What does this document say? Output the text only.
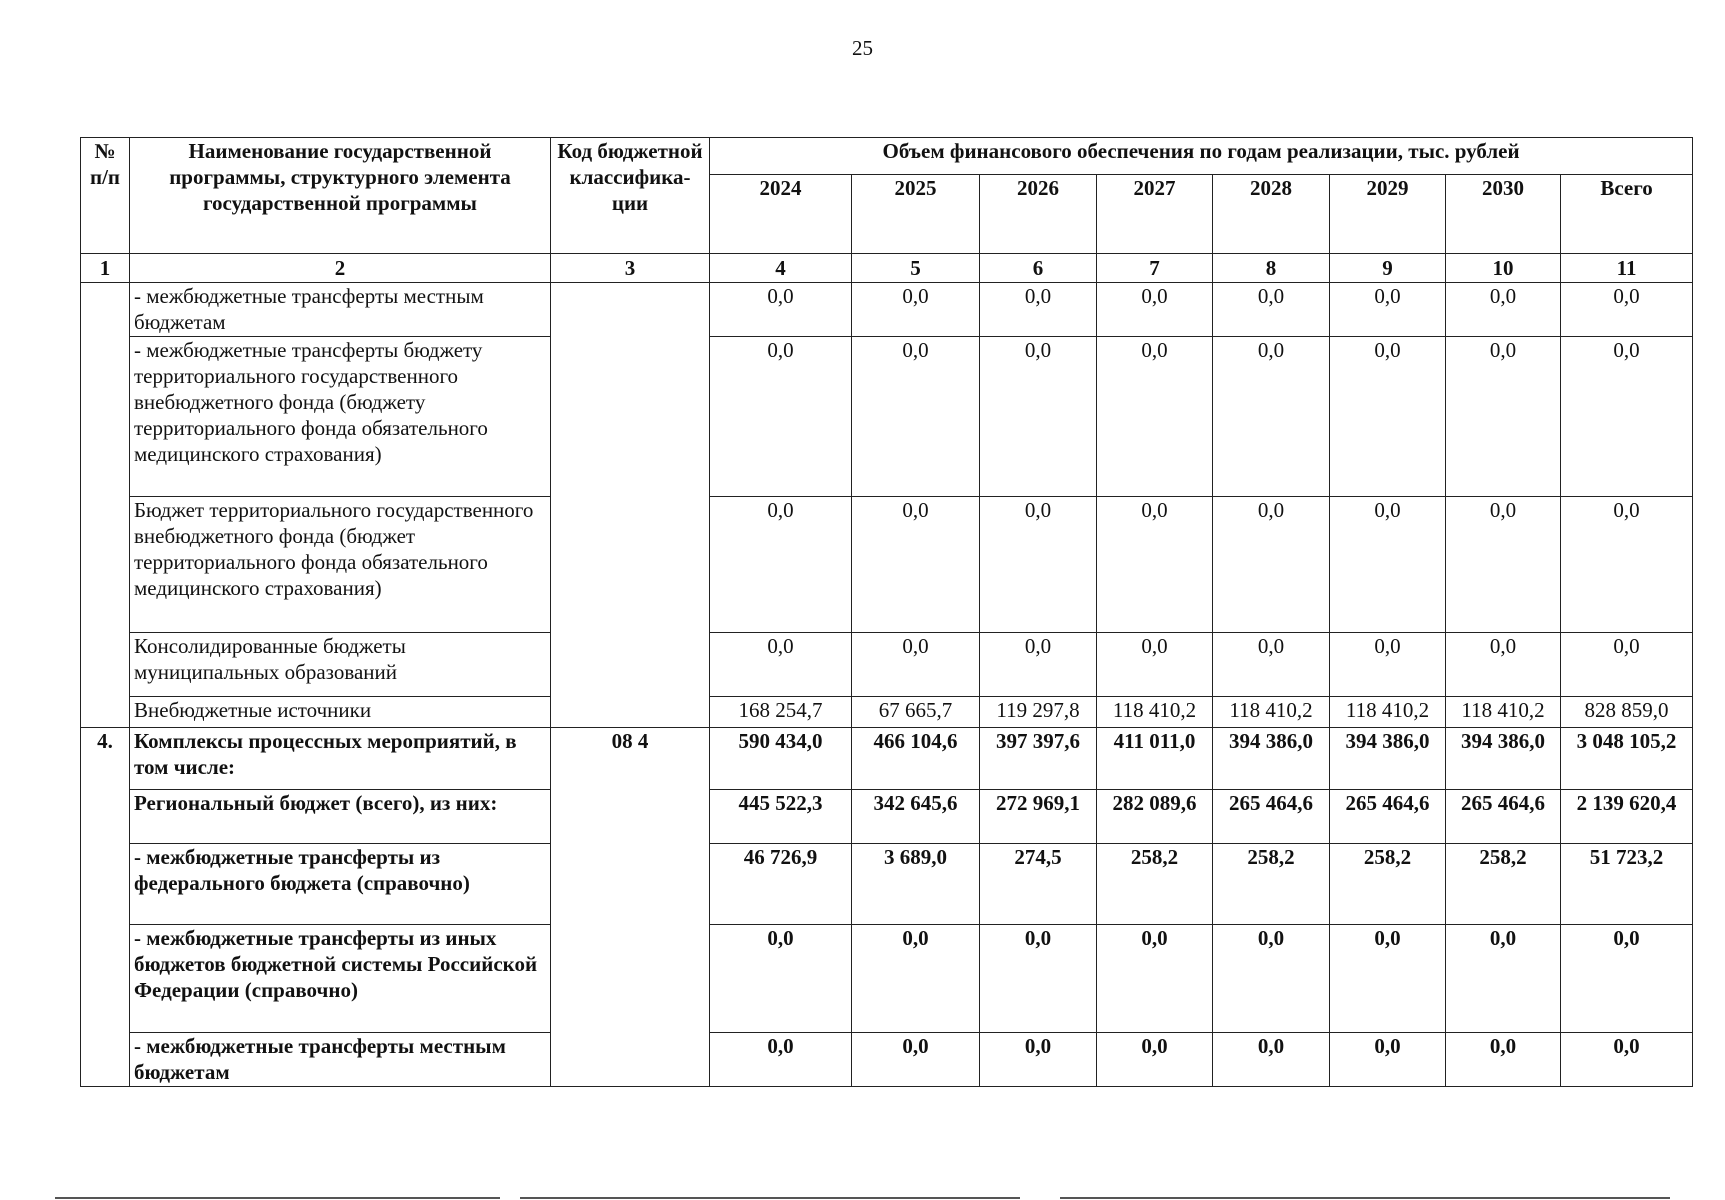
25
№ п/п	Наименование государственной программы, структурного элемента государственной программы	Код бюджетной классифика-ции	Объем финансового обеспечения по годам реализации, тыс. рублей							
			2024	2025	2026	2027	2028	2029	2030	Всего
1	2	3	4	5	6	7	8	9	10	11
	- межбюджетные трансферты местным бюджетам		0,0	0,0	0,0	0,0	0,0	0,0	0,0	0,0
	- межбюджетные трансферты бюджету территориального государственного внебюджетного фонда (бюджету территориального фонда обязательного медицинского страхования)		0,0	0,0	0,0	0,0	0,0	0,0	0,0	0,0
	Бюджет территориального государственного внебюджетного фонда (бюджет территориального фонда обязательного медицинского страхования)		0,0	0,0	0,0	0,0	0,0	0,0	0,0	0,0
	Консолидированные бюджеты муниципальных образований		0,0	0,0	0,0	0,0	0,0	0,0	0,0	0,0
	Внебюджетные источники		168 254,7	67 665,7	119 297,8	118 410,2	118 410,2	118 410,2	118 410,2	828 859,0
4.	Комплексы процессных мероприятий, в том числе:	08 4	590 434,0	466 104,6	397 397,6	411 011,0	394 386,0	394 386,0	394 386,0	3 048 105,2
	Региональный бюджет (всего), из них:		445 522,3	342 645,6	272 969,1	282 089,6	265 464,6	265 464,6	265 464,6	2 139 620,4
	- межбюджетные трансферты из федерального бюджета (справочно)		46 726,9	3 689,0	274,5	258,2	258,2	258,2	258,2	51 723,2
	- межбюджетные трансферты из иных бюджетов бюджетной системы Российской Федерации (справочно)		0,0	0,0	0,0	0,0	0,0	0,0	0,0	0,0
	- межбюджетные трансферты местным бюджетам		0,0	0,0	0,0	0,0	0,0	0,0	0,0	0,0
